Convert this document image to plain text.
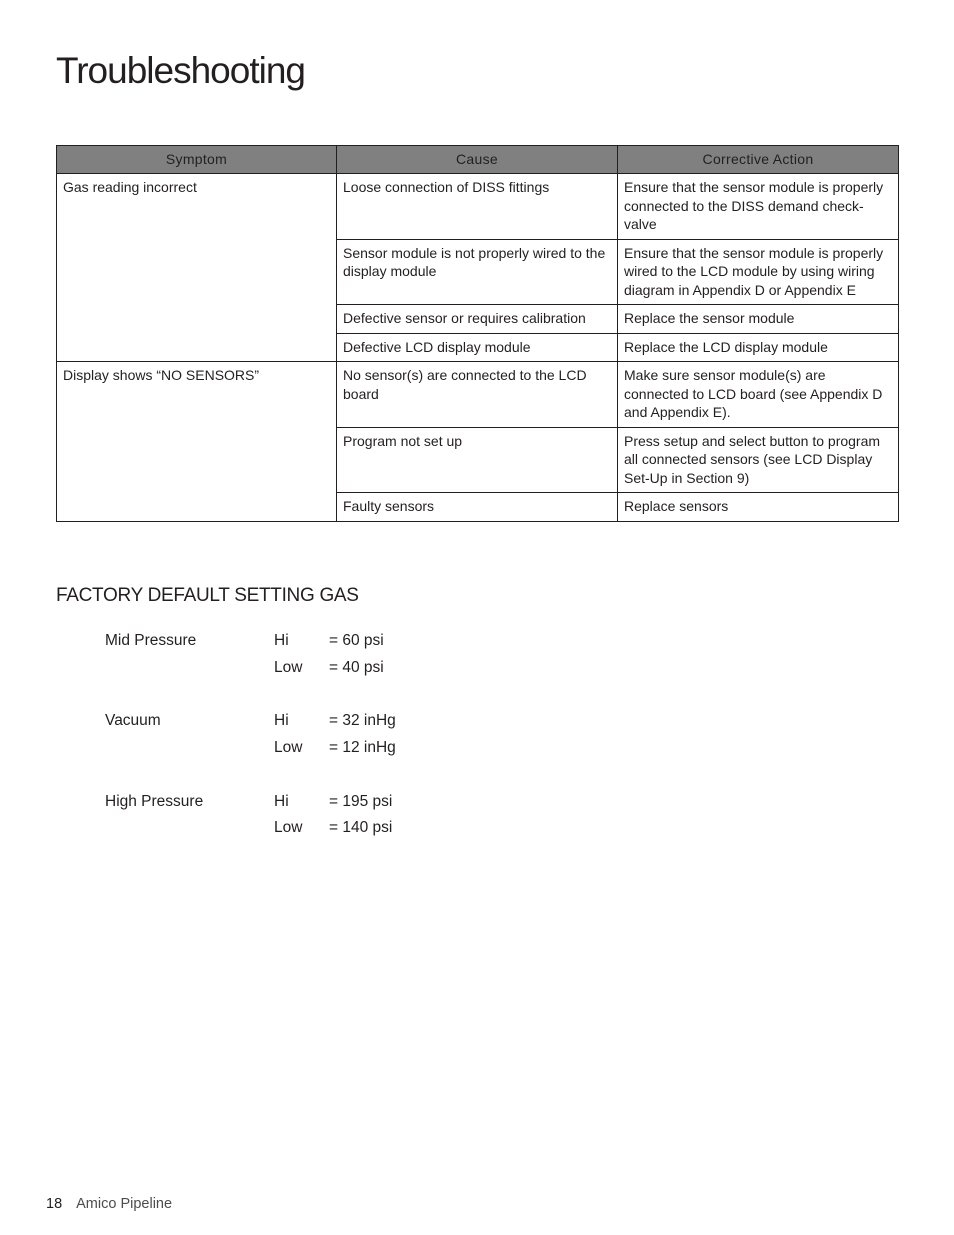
Troubleshooting
Symptom	Cause	Corrective Action
Gas reading incorrect	Loose connection of DISS fittings	Ensure that the sensor module is properly connected to the DISS demand check-valve
	Sensor module is not properly wired to the display module	Ensure that the sensor module is properly wired to the LCD module by using wiring diagram in Appendix D or Appendix E
	Defective sensor or requires calibration	Replace the sensor module
	Defective LCD display module	Replace the LCD display module
Display shows “NO SENSORS”	No sensor(s) are connected to the LCD board	Make sure sensor module(s) are connected to LCD board (see Appendix D and Appendix E).
	Program not set up	Press setup and select button to program all connected sensors (see LCD Display Set-Up in Section 9)
	Faulty sensors	Replace sensors
FACTORY DEFAULT SETTING GAS
Mid Pressure	Hi	= 60 psi
Low = 40 psi
Vacuum	Hi	= 32 inHg
Low = 12 inHg
High Pressure	Hi	= 195 psi
Low = 140 psi
18 Amico Pipeline
